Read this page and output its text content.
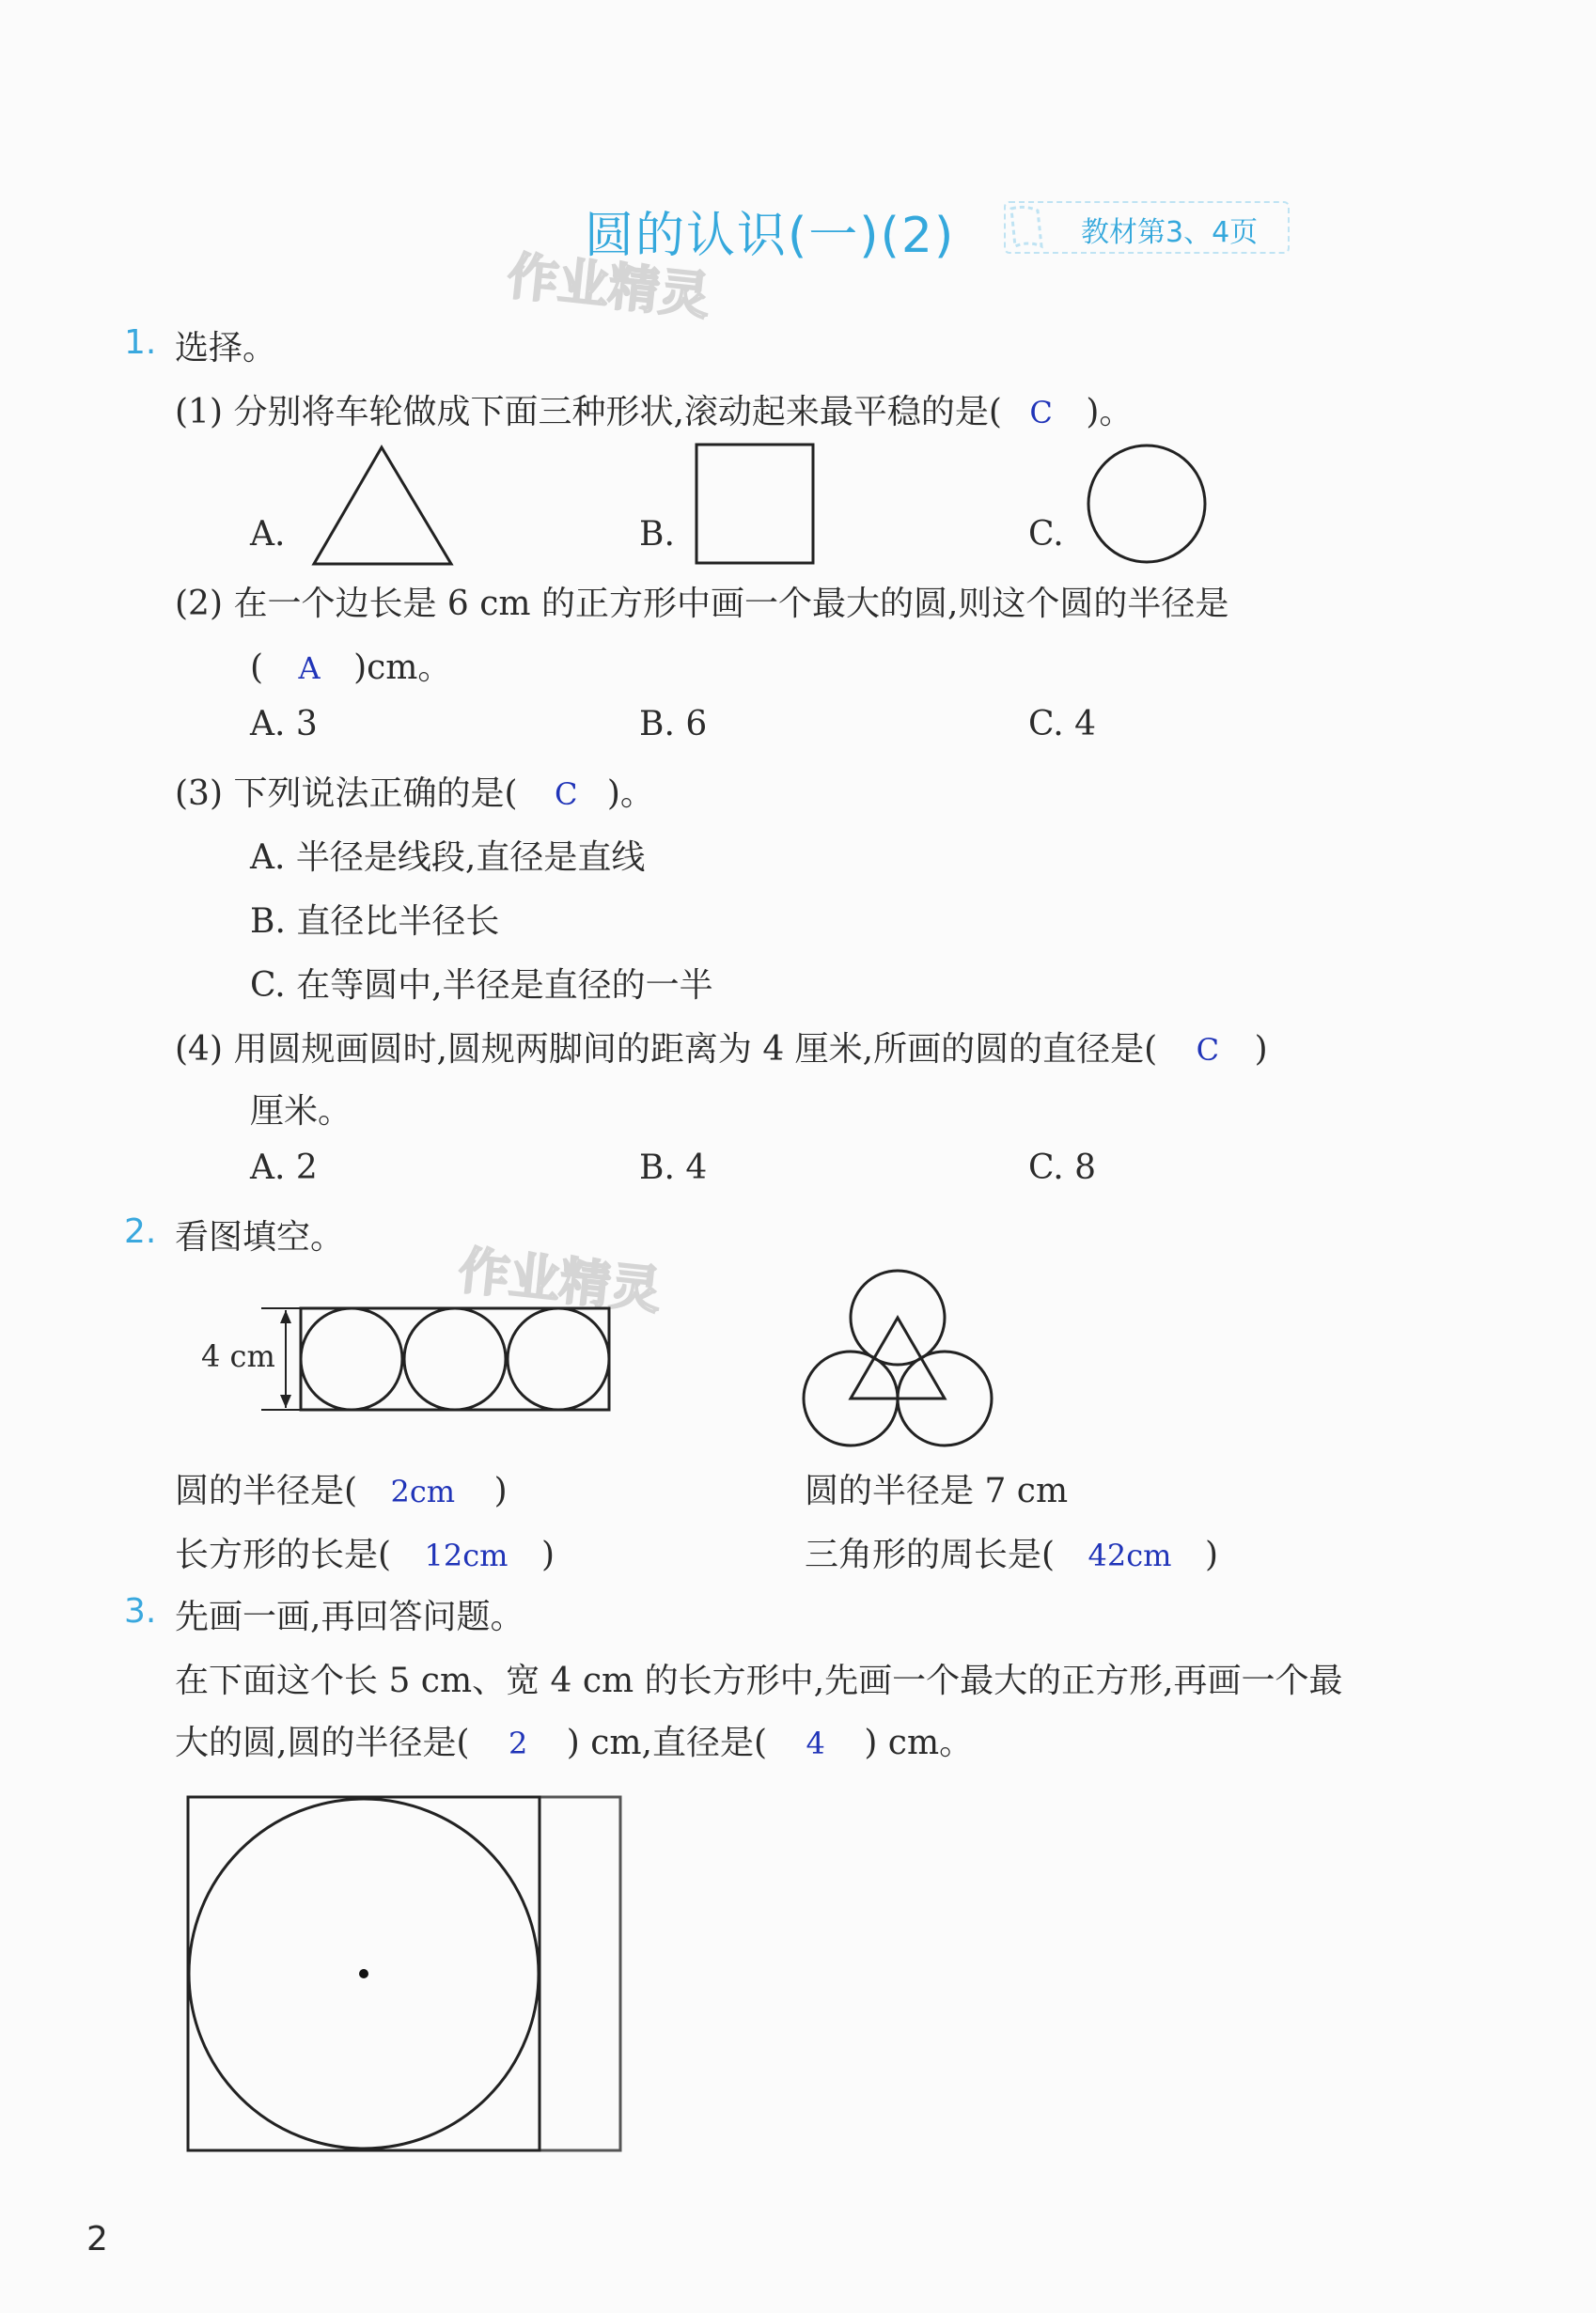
圆的认识(一)(2)	教材第3、4页
作业精灵
1. 选择。
(1) 分别将车轮做成下面三种形状,滚动起来最平稳的是( C )。
A.	B.	C.
(2) 在一个边长是 6 cm 的正方形中画一个最大的圆,则这个圆的半径是
( A )cm。
A. 3	B. 6	C. 4
(3) 下列说法正确的是( C )。
A. 半径是线段,直径是直线
B. 直径比半径长
C. 在等圆中,半径是直径的一半
(4) 用圆规画圆时,圆规两脚间的距离为 4 厘米,所画的圆的直径是( C )
厘米。
A. 2	B. 4	C. 8
2. 看图填空。
作业精灵
4 cm
圆的半径是( 2cm )
长方形的长是( 12cm )
圆的半径是 7 cm
三角形的周长是( 42cm )
3. 先画一画,再回答问题。
在下面这个长 5 cm、宽 4 cm 的长方形中,先画一个最大的正方形,再画一个最
大的圆,圆的半径是( 2 ) cm,直径是( 4 ) cm。
2
